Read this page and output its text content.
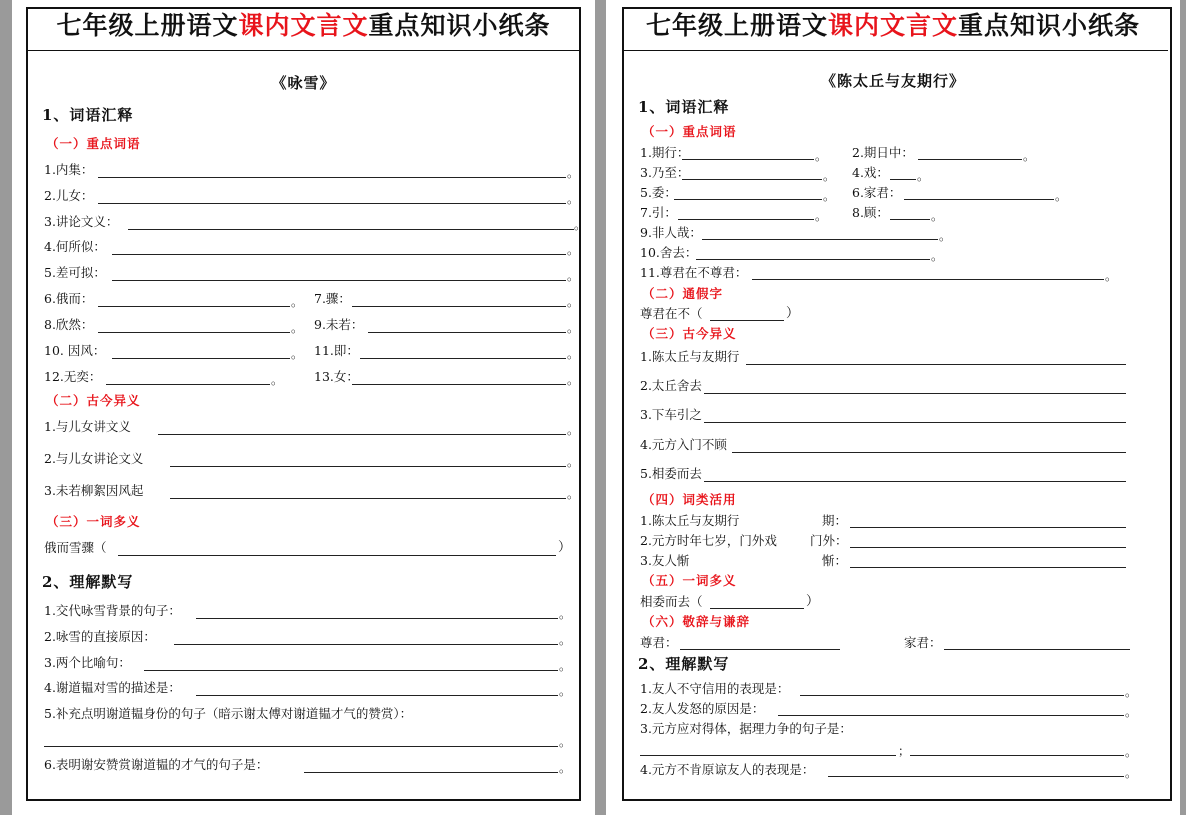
七年级上册语文课内文言文重点知识小纸条
《咏雪》
1、词语汇释
（一）重点词语
1.内集：	。
2.儿女：	。
3.讲论文义：	。
4.何所似：	。
5.差可拟：	。
6.俄而：	。 7.骤：	。
8.欣然：	。 9.未若：	。
10. 因风：	。 11.即：	。
12.无奕：	。 13.女：	。
（二）古今异义
1.与儿女讲文义	。
2.与儿女讲论文义	。
3.未若柳絮因风起	。
（三）一词多义
俄而雪骤（	）
2、理解默写
1.交代咏雪背景的句子：	。
2.咏雪的直接原因：	。
3.两个比喻句：	。
4.谢道韫对雪的描述是：	。
5.补充点明谢道韫身份的句子（暗示谢太傅对谢道韫才气的赞赏）：
。
6.表明谢安赞赏谢道韫的才气的句子是：	。
七年级上册语文课内文言文重点知识小纸条
《陈太丘与友期行》
1、词语汇释
（一）重点词语
1.期行：	。 2.期日中：	。
3.乃至：	。 4.戏： 。
5.委：	。 6.家君：	。
7.引：	。 8.顾：	。
9.非人哉：	。
10.舍去：	。
11.尊君在不尊君：	。
（二）通假字
尊君在不（	）
（三）古今异义
1.陈太丘与友期行
2.太丘舍去
3.下车引之
4.元方入门不顾
5.相委而去
（四）词类活用
1.陈太丘与友期行	期：
2.元方时年七岁，门外戏	门外：
3.友人惭	惭：
（五）一词多义
相委而去（	）
（六）敬辞与谦辞
尊君：	家君：
2、理解默写
1.友人不守信用的表现是：	。
2.友人发怒的原因是：	。
3.元方应对得体，据理力争的句子是：
；	。
4.元方不肯原谅友人的表现是：	。
